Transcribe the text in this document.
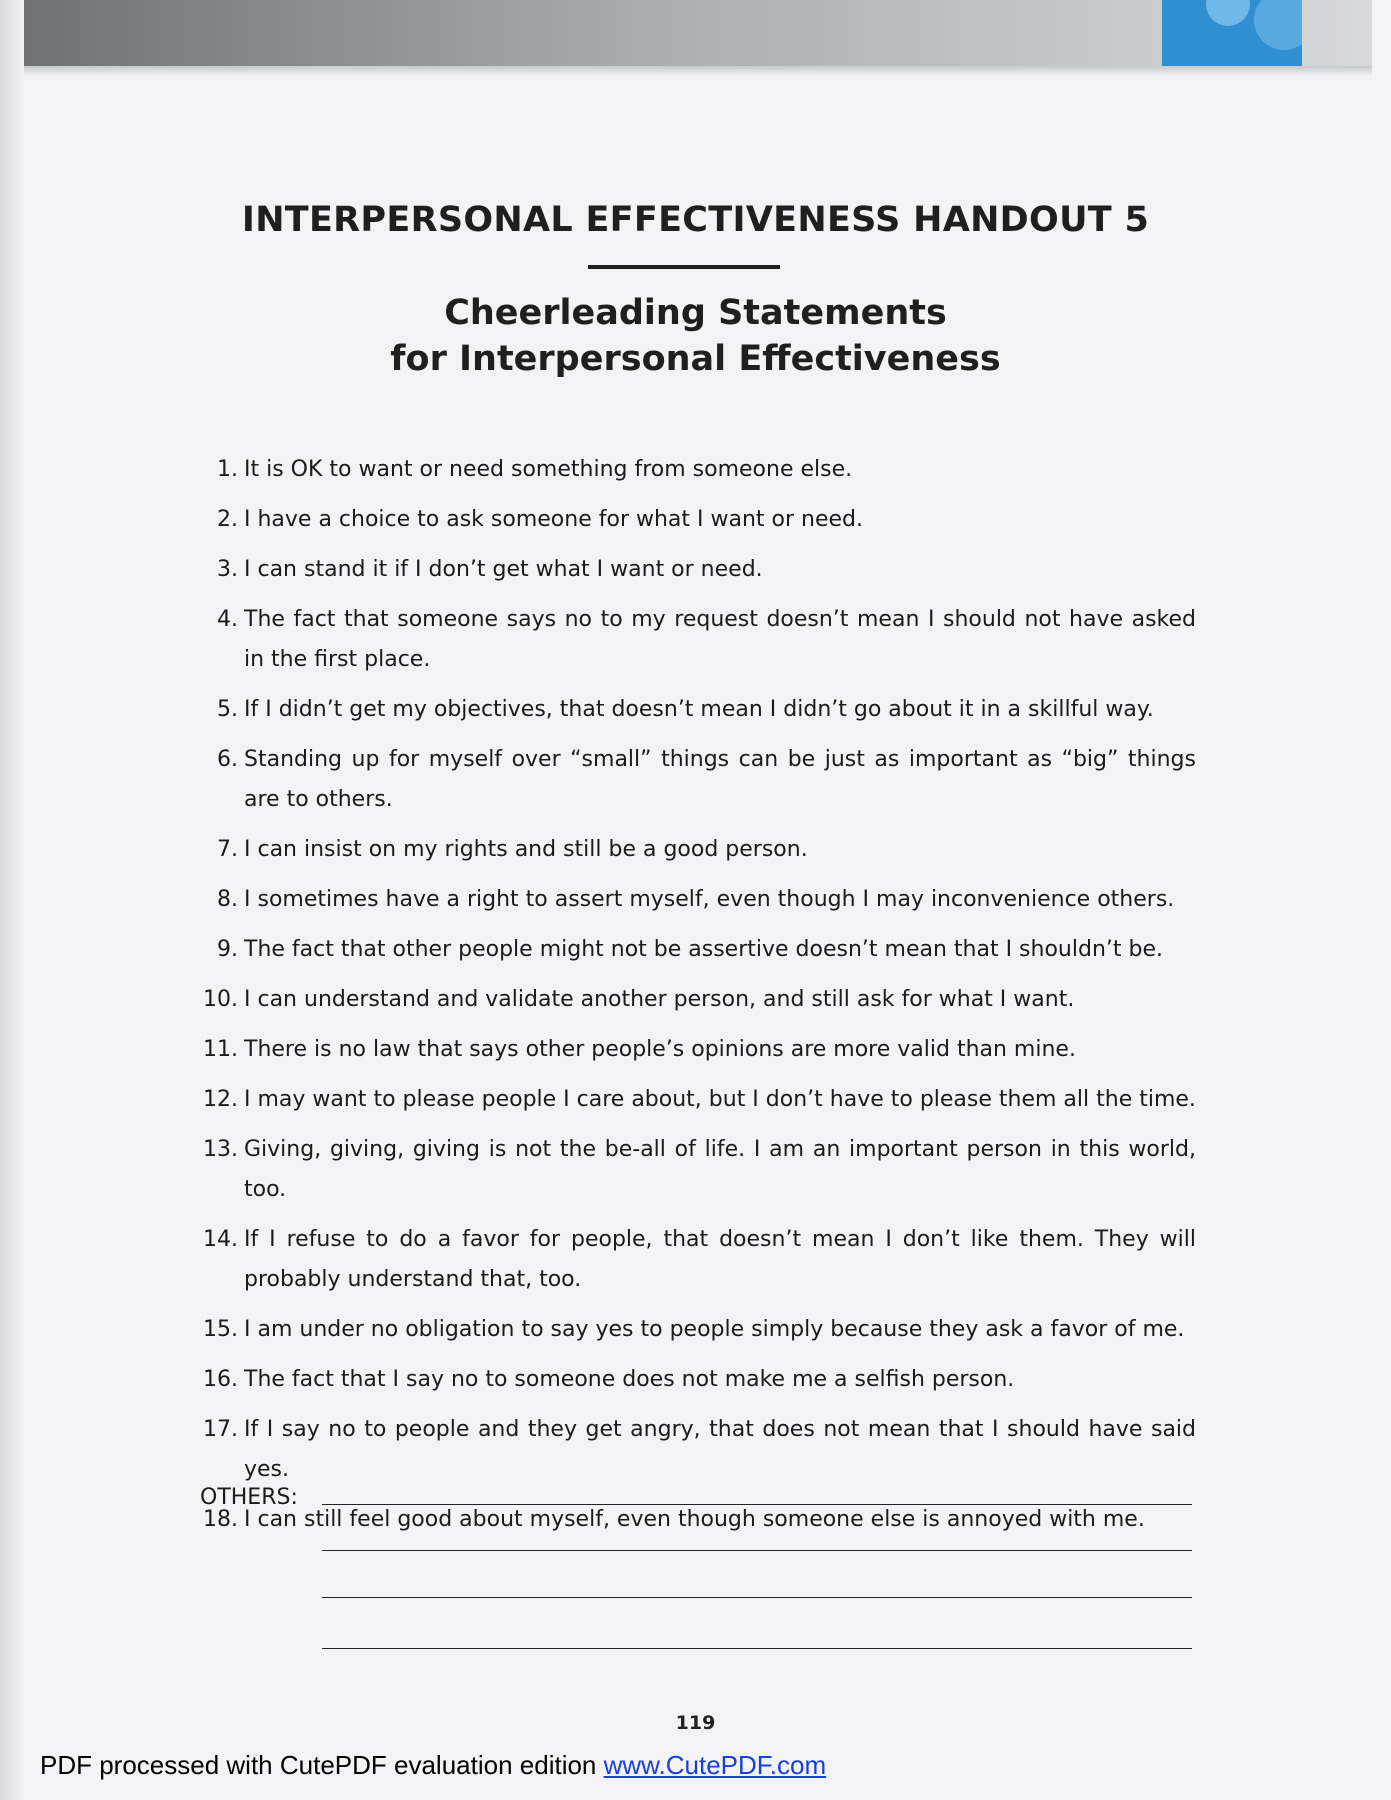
INTERPERSONAL EFFECTIVENESS HANDOUT 5
Cheerleading Statements
for Interpersonal Effectiveness
1. It is OK to want or need something from someone else.
2. I have a choice to ask someone for what I want or need.
3. I can stand it if I don’t get what I want or need.
4. The fact that someone says no to my request doesn’t mean I should not have asked in the first place.
5. If I didn’t get my objectives, that doesn’t mean I didn’t go about it in a skillful way.
6. Standing up for myself over “small” things can be just as important as “big” things are to others.
7. I can insist on my rights and still be a good person.
8. I sometimes have a right to assert myself, even though I may inconvenience others.
9. The fact that other people might not be assertive doesn’t mean that I shouldn’t be.
10. I can understand and validate another person, and still ask for what I want.
11. There is no law that says other people’s opinions are more valid than mine.
12. I may want to please people I care about, but I don’t have to please them all the time.
13. Giving, giving, giving is not the be-all of life. I am an important person in this world, too.
14. If I refuse to do a favor for people, that doesn’t mean I don’t like them. They will probably understand that, too.
15. I am under no obligation to say yes to people simply because they ask a favor of me.
16. The fact that I say no to someone does not make me a selfish person.
17. If I say no to people and they get angry, that does not mean that I should have said yes.
18. I can still feel good about myself, even though someone else is annoyed with me.
OTHERS:
119
PDF processed with CutePDF evaluation edition www.CutePDF.com
